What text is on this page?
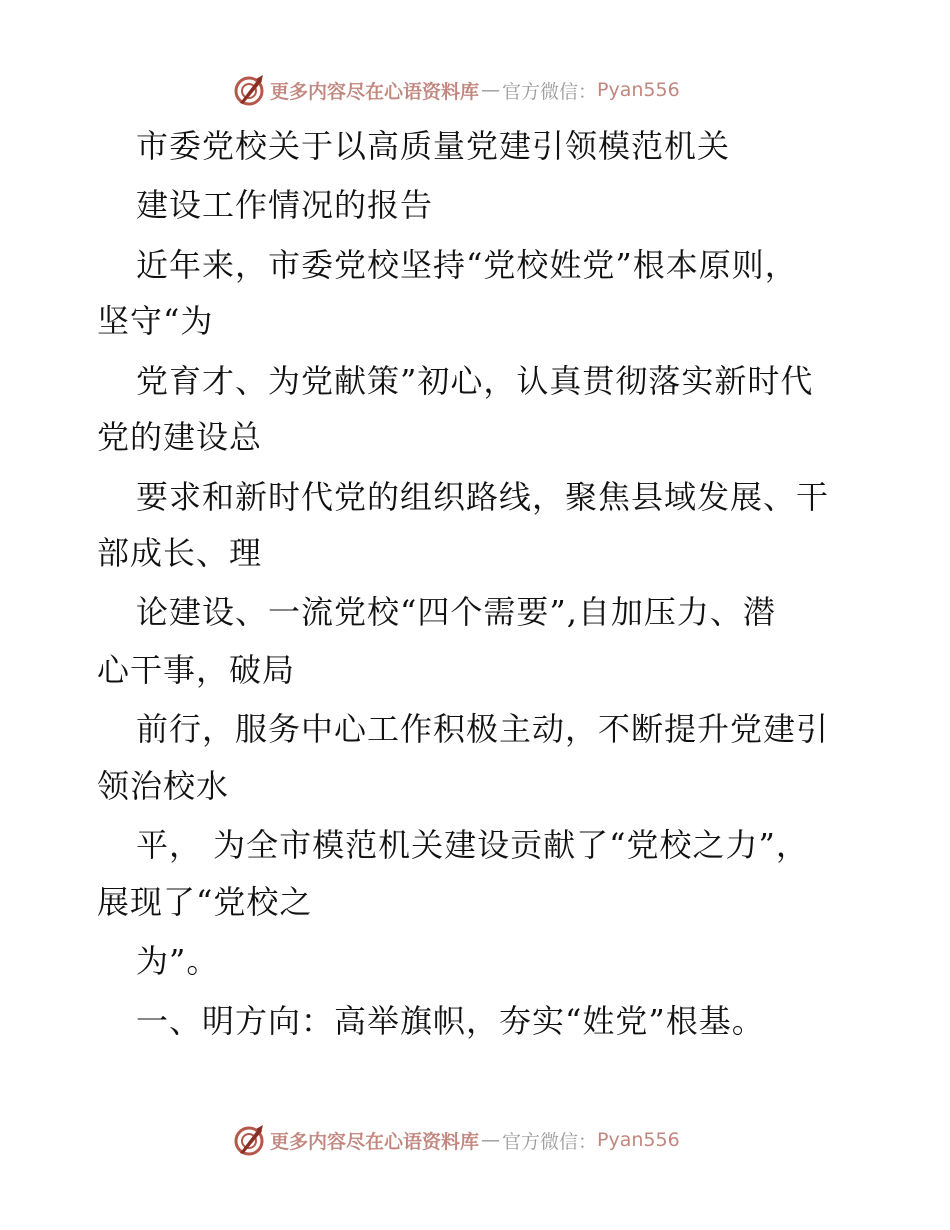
更多内容尽在心语资料库 — 官方微信： Pyan556
市委党校关于以高质量党建引领模范机关
建设工作情况的报告
近年来，市委党校坚持“党校姓党”根本原则，
坚守“为
党育才、为党献策”初心，认真贯彻落实新时代
党的建设总
要求和新时代党的组织路线，聚焦县域发展、干
部成长、理
论建设、一流党校“四个需要”,自加压力、潜
心干事，破局
前行，服务中心工作积极主动，不断提升党建引
领治校水
平， 为全市模范机关建设贡献了“党校之力”，
展现了“党校之
为”。
一、明方向：高举旗帜，夯实“姓党”根基。
更多内容尽在心语资料库 — 官方微信： Pyan556
